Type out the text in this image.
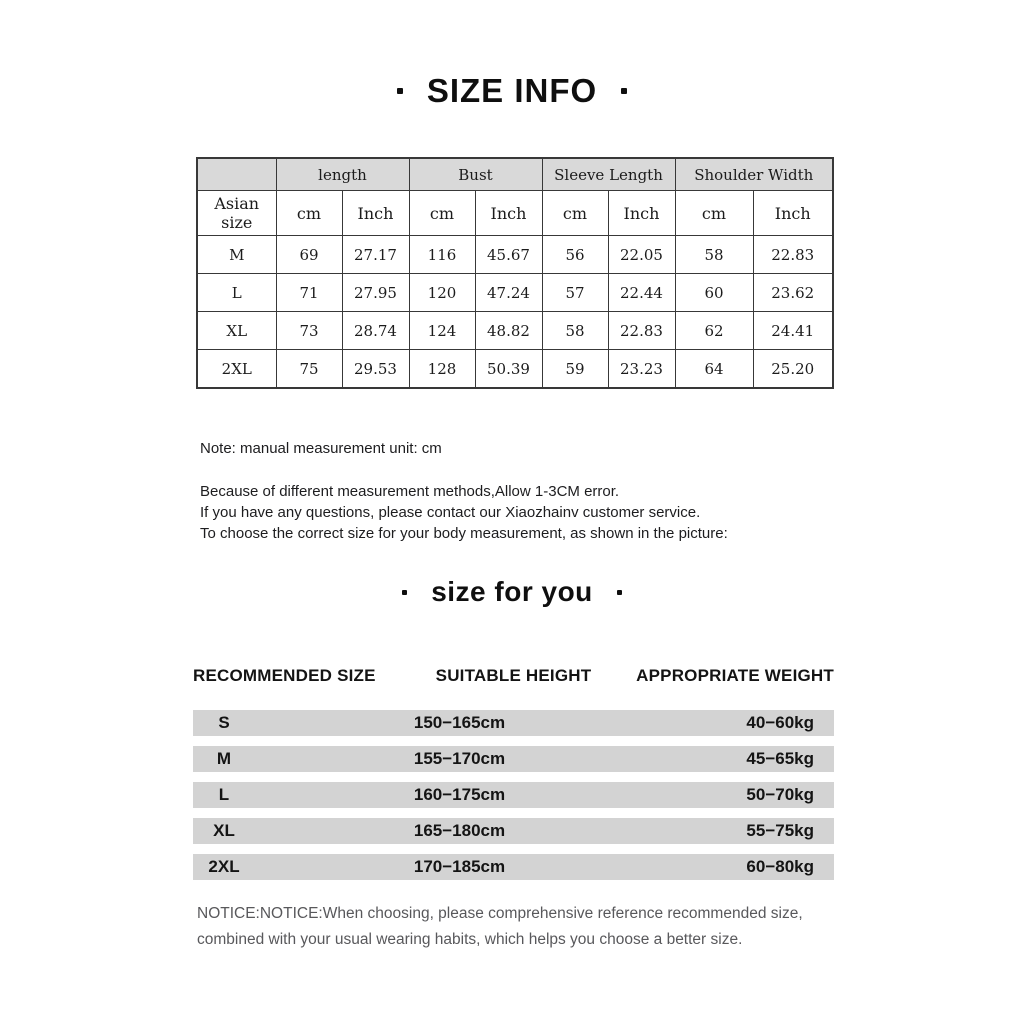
SIZE INFO
	length		Bust		Sleeve Length		Shoulder Width	
Asian size	cm	Inch	cm	Inch	cm	Inch	cm	Inch
M	69	27.17	116	45.67	56	22.05	58	22.83
L	71	27.95	120	47.24	57	22.44	60	23.62
XL	73	28.74	124	48.82	58	22.83	62	24.41
2XL	75	29.53	128	50.39	59	23.23	64	25.20
Note: manual measurement unit: cm
Because of different measurement methods,Allow 1-3CM error.
If you have any questions, please contact our Xiaozhainv customer service.
To choose the correct size for your body measurement, as shown in the picture:
size for you
RECOMMENDED SIZE	SUITABLE HEIGHT	APPROPRIATE WEIGHT
S	150−165cm	40−60kg
M	155−170cm	45−65kg
L	160−175cm	50−70kg
XL	165−180cm	55−75kg
2XL	170−185cm	60−80kg
NOTICE:NOTICE:When choosing, please comprehensive reference recommended size, combined with your usual wearing habits, which helps you choose a better size.
